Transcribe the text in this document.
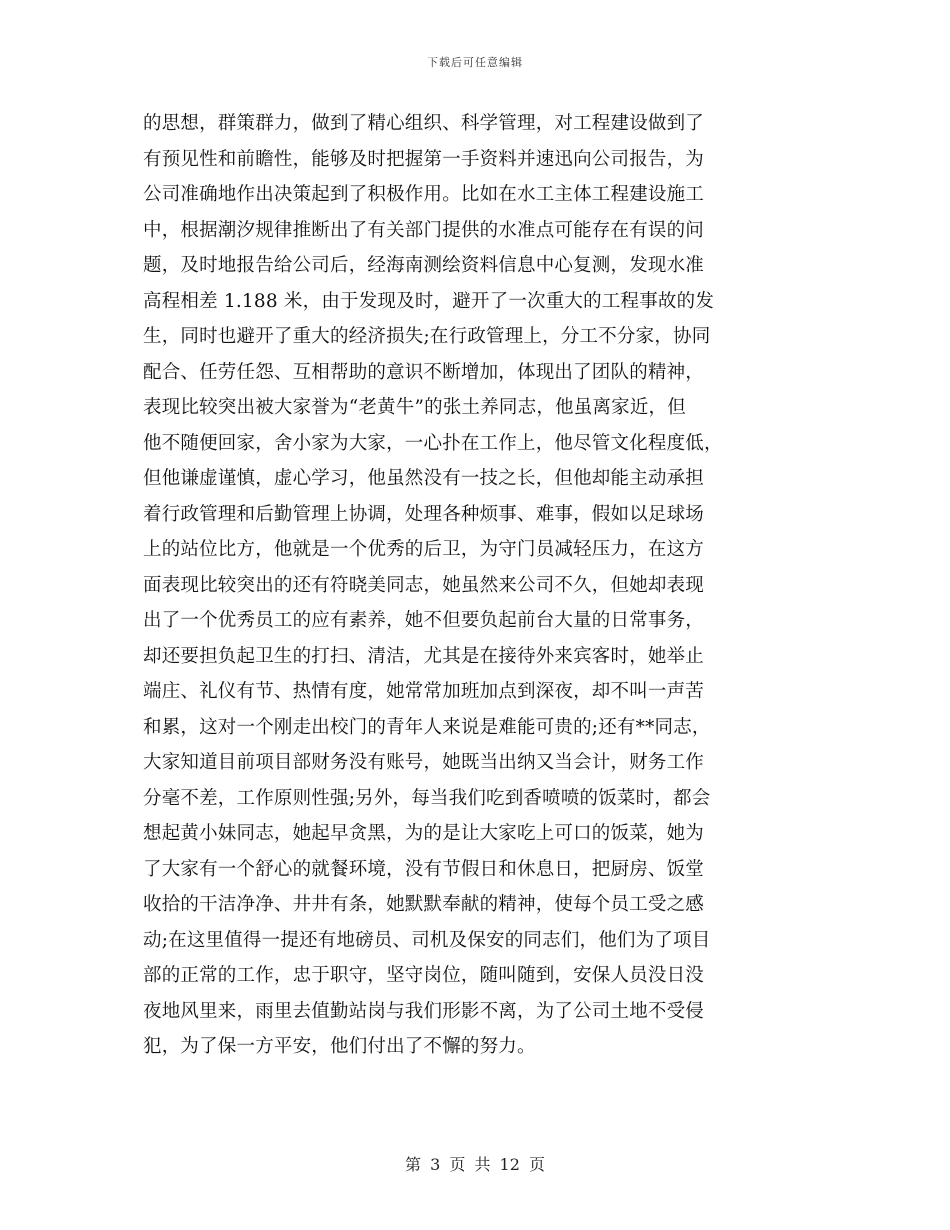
下载后可任意编辑
的思想，群策群力，做到了精心组织、科学管理，对工程建设做到了
有预见性和前瞻性，能够及时把握第一手资料并速迅向公司报告，为
公司准确地作出决策起到了积极作用。比如在水工主体工程建设施工
中，根据潮汐规律推断出了有关部门提供的水准点可能存在有误的问
题，及时地报告给公司后，经海南测绘资料信息中心复测，发现水准
高程相差 1.188 米，由于发现及时，避开了一次重大的工程事故的发
生，同时也避开了重大的经济损失;在行政管理上，分工不分家，协同
配合、任劳任怨、互相帮助的意识不断增加，体现出了团队的精神，
表现比较突出被大家誉为“老黄牛”的张土养同志，他虽离家近，但
他不随便回家，舍小家为大家，一心扑在工作上，他尽管文化程度低，
但他谦虚谨慎，虚心学习，他虽然没有一技之长，但他却能主动承担
着行政管理和后勤管理上协调，处理各种烦事、难事，假如以足球场
上的站位比方，他就是一个优秀的后卫，为守门员减轻压力，在这方
面表现比较突出的还有符晓美同志，她虽然来公司不久，但她却表现
出了一个优秀员工的应有素养，她不但要负起前台大量的日常事务，
却还要担负起卫生的打扫、清洁，尤其是在接待外来宾客时，她举止
端庄、礼仪有节、热情有度，她常常加班加点到深夜，却不叫一声苦
和累，这对一个刚走出校门的青年人来说是难能可贵的;还有**同志，
大家知道目前项目部财务没有账号，她既当出纳又当会计，财务工作
分毫不差，工作原则性强;另外，每当我们吃到香喷喷的饭菜时，都会
想起黄小妹同志，她起早贪黑，为的是让大家吃上可口的饭菜，她为
了大家有一个舒心的就餐环境，没有节假日和休息日，把厨房、饭堂
收拾的干洁净净、井井有条，她默默奉献的精神，使每个员工受之感
动;在这里值得一提还有地磅员、司机及保安的同志们，他们为了项目
部的正常的工作，忠于职守，坚守岗位，随叫随到，安保人员没日没
夜地风里来，雨里去值勤站岗与我们形影不离，为了公司土地不受侵
犯，为了保一方平安，他们付出了不懈的努力。
第 3 页 共 12 页
